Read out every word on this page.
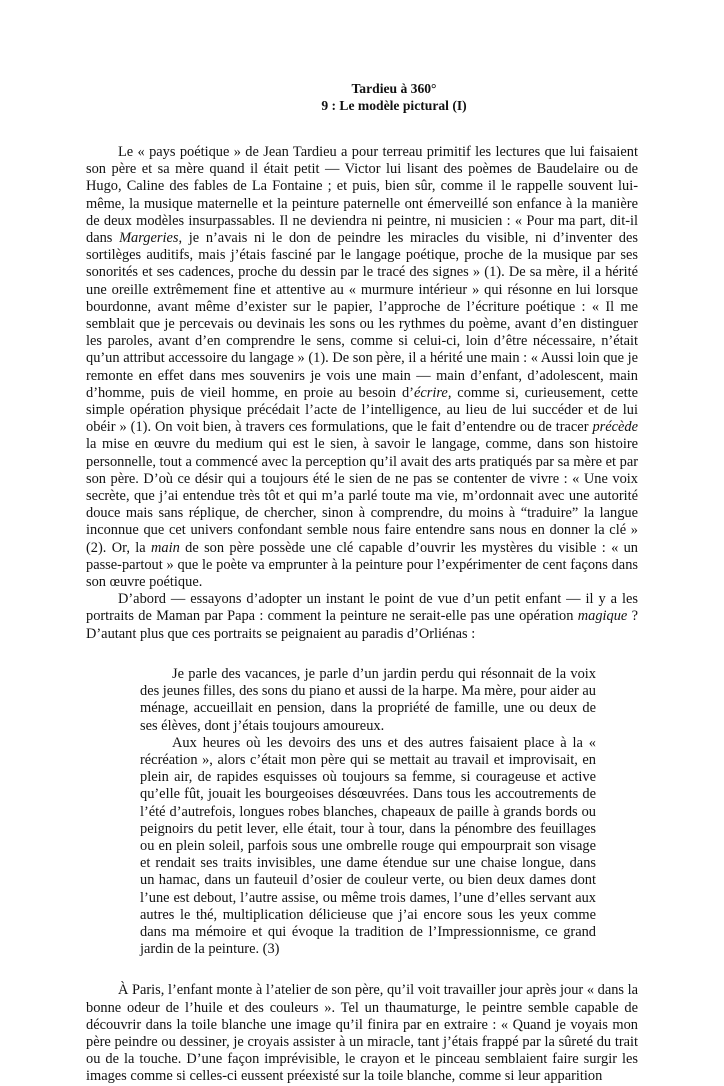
Tardieu à 360°
9 : Le modèle pictural (I)

Le « pays poétique » de Jean Tardieu a pour terreau primitif les lectures que lui faisaient son père et sa mère quand il était petit — Victor lui lisant des poèmes de Baudelaire ou de Hugo, Caline des fables de La Fontaine ; et puis, bien sûr, comme il le rappelle souvent lui-même, la musique maternelle et la peinture paternelle ont émerveillé son enfance à la manière de deux modèles insurpassables. Il ne deviendra ni peintre, ni musicien : « Pour ma part, dit-il dans Margeries, je n’avais ni le don de peindre les miracles du visible, ni d’inventer des sortilèges auditifs, mais j’étais fasciné par le langage poétique, proche de la musique par ses sonorités et ses cadences, proche du dessin par le tracé des signes » (1). De sa mère, il a hérité une oreille extrêmement fine et attentive au « murmure intérieur » qui résonne en lui lorsque bourdonne, avant même d’exister sur le papier, l’approche de l’écriture poétique : « Il me semblait que je percevais ou devinais les sons ou les rythmes du poème, avant d’en distinguer les paroles, avant d’en comprendre le sens, comme si celui-ci, loin d’être nécessaire, n’était qu’un attribut accessoire du langage » (1). De son père, il a hérité une main : « Aussi loin que je remonte en effet dans mes souvenirs je vois une main — main d’enfant, d’adolescent, main d’homme, puis de vieil homme, en proie au besoin d’écrire, comme si, curieusement, cette simple opération physique précédait l’acte de l’intelligence, au lieu de lui succéder et de lui obéir » (1). On voit bien, à travers ces formulations, que le fait d’entendre ou de tracer précède la mise en œuvre du medium qui est le sien, à savoir le langage, comme, dans son histoire personnelle, tout a commencé avec la perception qu’il avait des arts pratiqués par sa mère et par son père. D’où ce désir qui a toujours été le sien de ne pas se contenter de vivre : « Une voix secrète, que j’ai entendue très tôt et qui m’a parlé toute ma vie, m’ordonnait avec une autorité douce mais sans réplique, de chercher, sinon à comprendre, du moins à “traduire” la langue inconnue que cet univers confondant semble nous faire entendre sans nous en donner la clé » (2). Or, la main de son père possède une clé capable d’ouvrir les mystères du visible : « un passe-partout » que le poète va emprunter à la peinture pour l’expérimenter de cent façons dans son œuvre poétique.

D’abord — essayons d’adopter un instant le point de vue d’un petit enfant — il y a les portraits de Maman par Papa : comment la peinture ne serait-elle pas une opération magique ? D’autant plus que ces portraits se peignaient au paradis d’Orliénas :

Je parle des vacances, je parle d’un jardin perdu qui résonnait de la voix des jeunes filles, des sons du piano et aussi de la harpe. Ma mère, pour aider au ménage, accueillait en pension, dans la propriété de famille, une ou deux de ses élèves, dont j’étais toujours amoureux.

Aux heures où les devoirs des uns et des autres faisaient place à la « récréation », alors c’était mon père qui se mettait au travail et improvisait, en plein air, de rapides esquisses où toujours sa femme, si courageuse et active qu’elle fût, jouait les bourgeoises désœuvrées. Dans tous les accoutrements de l’été d’autrefois, longues robes blanches, chapeaux de paille à grands bords ou peignoirs du petit lever, elle était, tour à tour, dans la pénombre des feuillages ou en plein soleil, parfois sous une ombrelle rouge qui empourprait son visage et rendait ses traits invisibles, une dame étendue sur une chaise longue, dans un hamac, dans un fauteuil d’osier de couleur verte, ou bien deux dames dont l’une est debout, l’autre assise, ou même trois dames, l’une d’elles servant aux autres le thé, multiplication délicieuse que j’ai encore sous les yeux comme dans ma mémoire et qui évoque la tradition de l’Impressionnisme, ce grand jardin de la peinture. (3)

À Paris, l’enfant monte à l’atelier de son père, qu’il voit travailler jour après jour « dans la bonne odeur de l’huile et des couleurs ». Tel un thaumaturge, le peintre semble capable de découvrir dans la toile blanche une image qu’il finira par en extraire : « Quand je voyais mon père peindre ou dessiner, je croyais assister à un miracle, tant j’étais frappé par la sûreté du trait ou de la touche. D’une façon imprévisible, le crayon et le pinceau semblaient faire surgir les images comme si celles-ci eussent préexisté sur la toile blanche, comme si leur apparition
